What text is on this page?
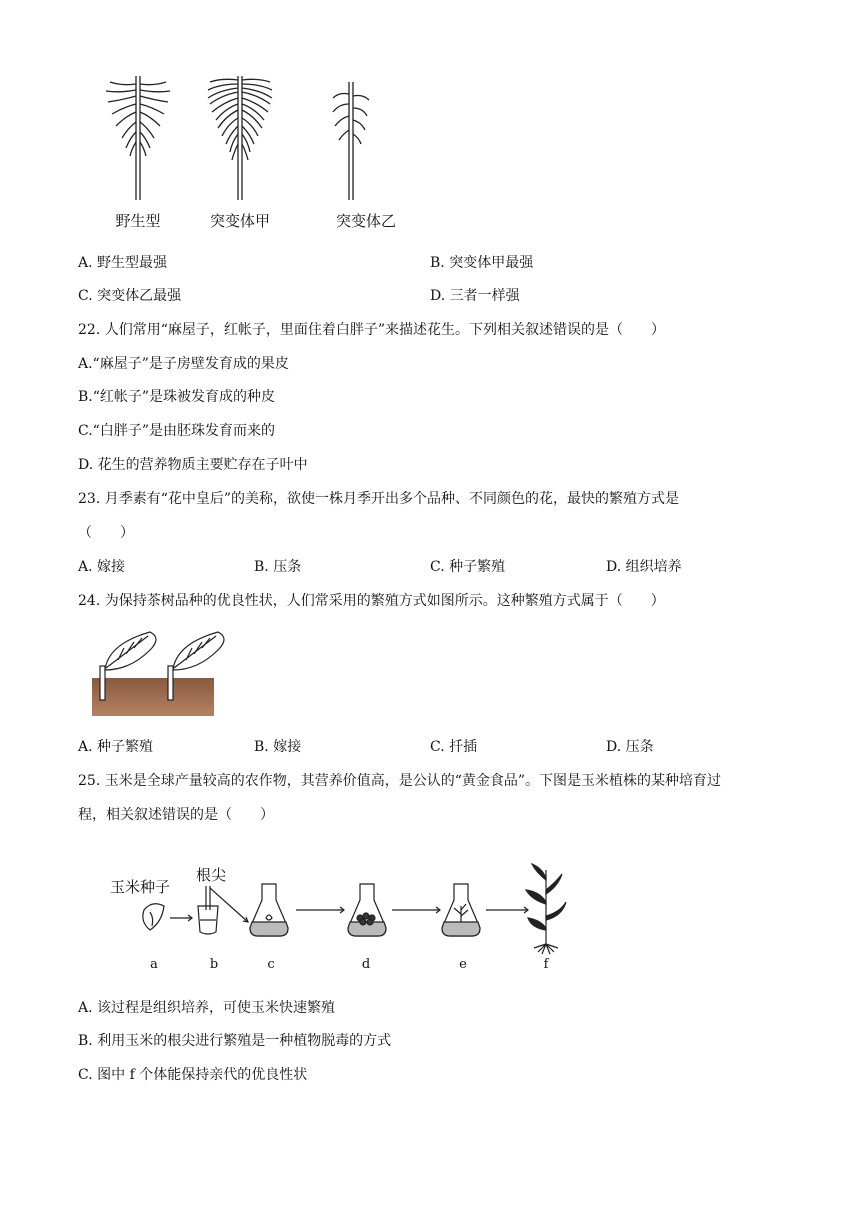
野生型	突变体甲	突变体乙
A. 野生型最强	B. 突变体甲最强
C. 突变体乙最强	D. 三者一样强
22. 人们常用“麻屋子，红帐子，里面住着白胖子”来描述花生。下列相关叙述错误的是（　　）
A.“麻屋子”是子房壁发育成的果皮
B.“红帐子”是珠被发育成的种皮
C.“白胖子”是由胚珠发育而来的
D. 花生的营养物质主要贮存在子叶中
23. 月季素有“花中皇后”的美称，欲使一株月季开出多个品种、不同颜色的花，最快的繁殖方式是
（　　）
A. 嫁接	B. 压条	C. 种子繁殖	D. 组织培养
24. 为保持茶树品种的优良性状，人们常采用的繁殖方式如图所示。这种繁殖方式属于（　　）
A. 种子繁殖	B. 嫁接	C. 扦插	D. 压条
25. 玉米是全球产量较高的农作物，其营养价值高，是公认的“黄金食品”。下图是玉米植株的某种培育过
程，相关叙述错误的是（　　）
玉米种子
根尖
a	b	c	d	e	f
A. 该过程是组织培养，可使玉米快速繁殖
B. 利用玉米的根尖进行繁殖是一种植物脱毒的方式
C. 图中 f 个体能保持亲代的优良性状
